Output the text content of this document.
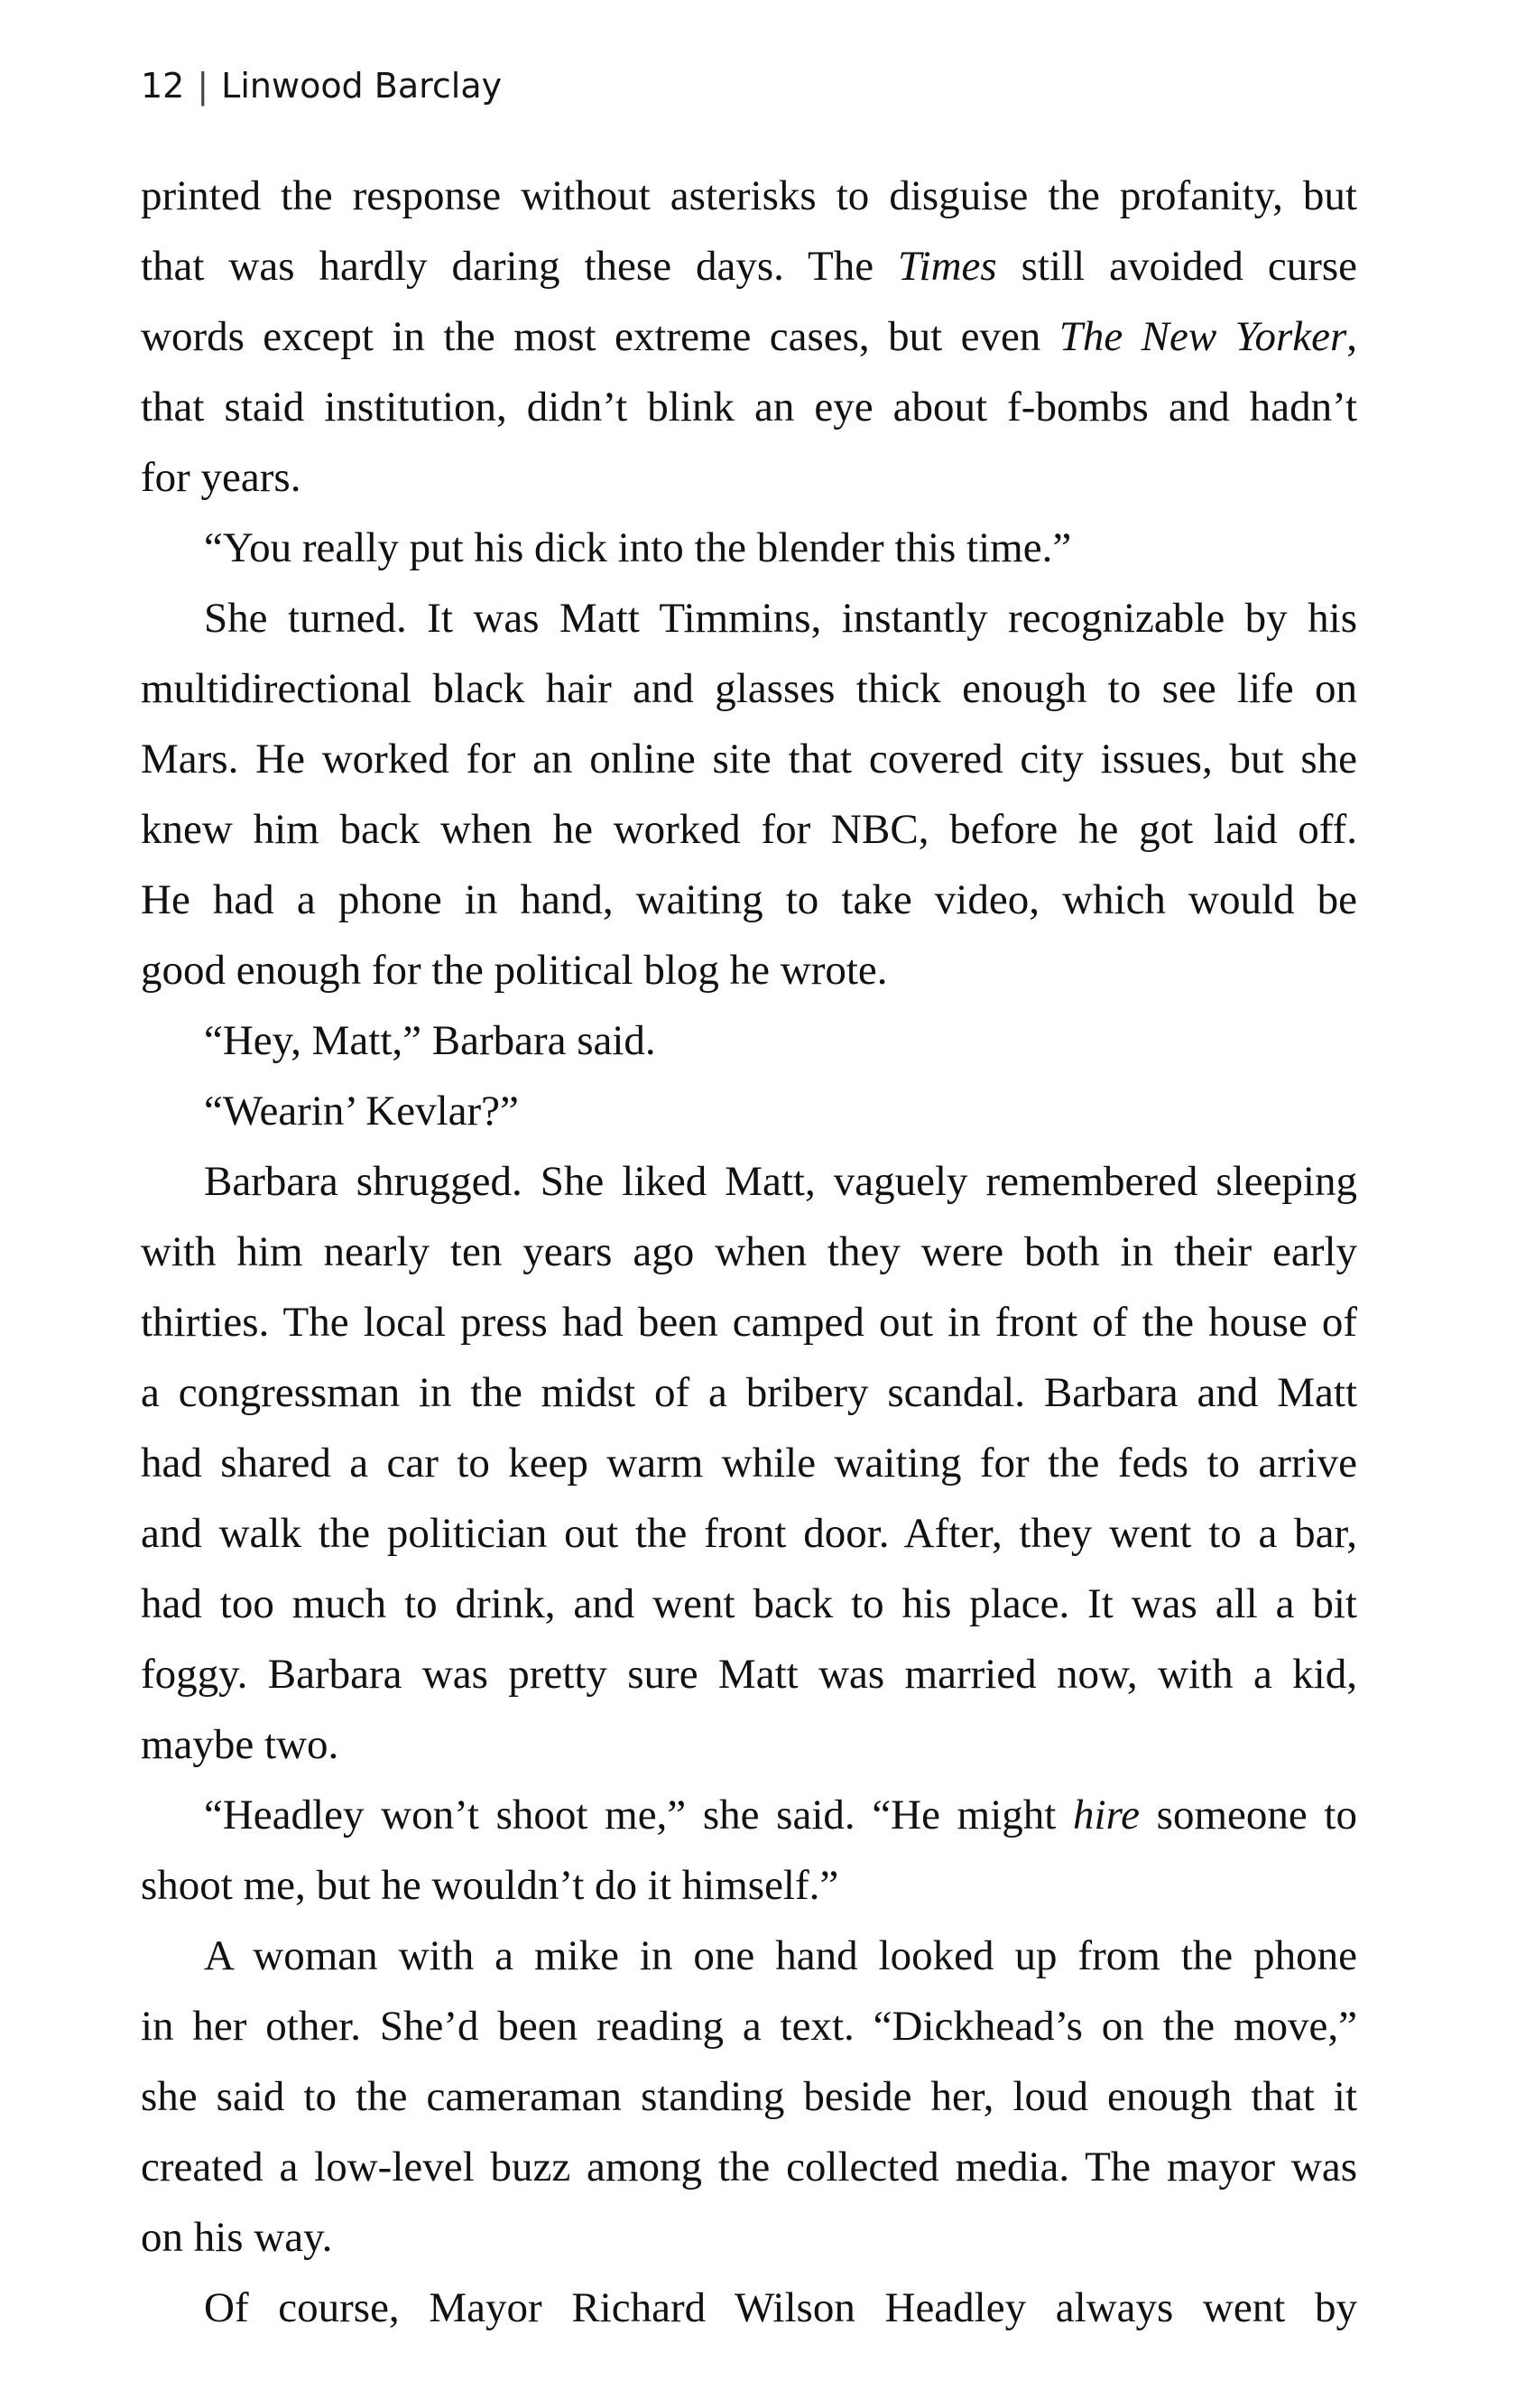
12 | Linwood Barclay
printed the response without asterisks to disguise the profanity, but
that was hardly daring these days. The Times still avoided curse
words except in the most extreme cases, but even The New Yorker,
that staid institution, didn’t blink an eye about f-bombs and hadn’t
for years.
“You really put his dick into the blender this time.”
She turned. It was Matt Timmins, instantly recognizable by his
multidirectional black hair and glasses thick enough to see life on
Mars. He worked for an online site that covered city issues, but she
knew him back when he worked for NBC, before he got laid off.
He had a phone in hand, waiting to take video, which would be
good enough for the political blog he wrote.
“Hey, Matt,” Barbara said.
“Wearin’ Kevlar?”
Barbara shrugged. She liked Matt, vaguely remembered sleeping
with him nearly ten years ago when they were both in their early
thirties. The local press had been camped out in front of the house of
a congressman in the midst of a bribery scandal. Barbara and Matt
had shared a car to keep warm while waiting for the feds to arrive
and walk the politician out the front door. After, they went to a bar,
had too much to drink, and went back to his place. It was all a bit
foggy. Barbara was pretty sure Matt was married now, with a kid,
maybe two.
“Headley won’t shoot me,” she said. “He might hire someone to
shoot me, but he wouldn’t do it himself.”
A woman with a mike in one hand looked up from the phone
in her other. She’d been reading a text. “Dickhead’s on the move,”
she said to the cameraman standing beside her, loud enough that it
created a low-level buzz among the collected media. The mayor was
on his way.
Of course, Mayor Richard Wilson Headley always went by
